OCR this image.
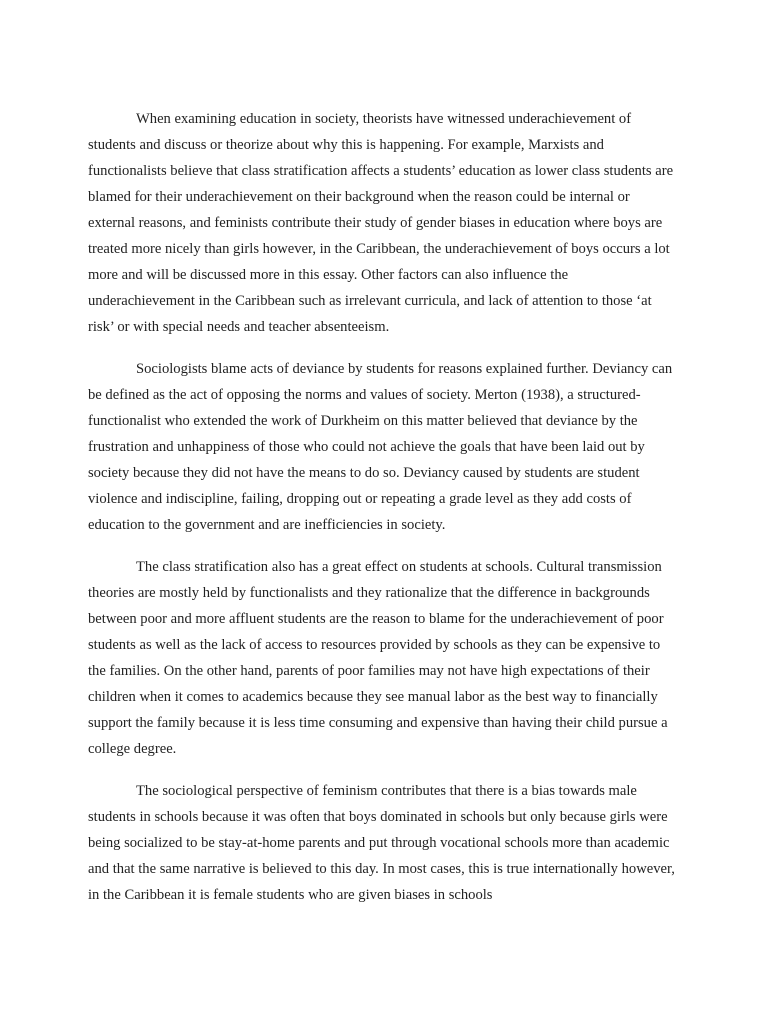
When examining education in society, theorists have witnessed underachievement of students and discuss or theorize about why this is happening. For example, Marxists and functionalists believe that class stratification affects a students’ education as lower class students are blamed for their underachievement on their background when the reason could be internal or external reasons, and feminists contribute their study of gender biases in education where boys are treated more nicely than girls however, in the Caribbean, the underachievement of boys occurs a lot more and will be discussed more in this essay. Other factors can also influence the underachievement in the Caribbean such as irrelevant curricula, and lack of attention to those ‘at risk’ or with special needs and teacher absenteeism.

Sociologists blame acts of deviance by students for reasons explained further. Deviancy can be defined as the act of opposing the norms and values of society. Merton (1938), a structured-functionalist who extended the work of Durkheim on this matter believed that deviance by the frustration and unhappiness of those who could not achieve the goals that have been laid out by society because they did not have the means to do so. Deviancy caused by students are student violence and indiscipline, failing, dropping out or repeating a grade level as they add costs of education to the government and are inefficiencies in society.

The class stratification also has a great effect on students at schools. Cultural transmission theories are mostly held by functionalists and they rationalize that the difference in backgrounds between poor and more affluent students are the reason to blame for the underachievement of poor students as well as the lack of access to resources provided by schools as they can be expensive to the families. On the other hand, parents of poor families may not have high expectations of their children when it comes to academics because they see manual labor as the best way to financially support the family because it is less time consuming and expensive than having their child pursue a college degree.

The sociological perspective of feminism contributes that there is a bias towards male students in schools because it was often that boys dominated in schools but only because girls were being socialized to be stay-at-home parents and put through vocational schools more than academic and that the same narrative is believed to this day. In most cases, this is true internationally however, in the Caribbean it is female students who are given biases in schools
